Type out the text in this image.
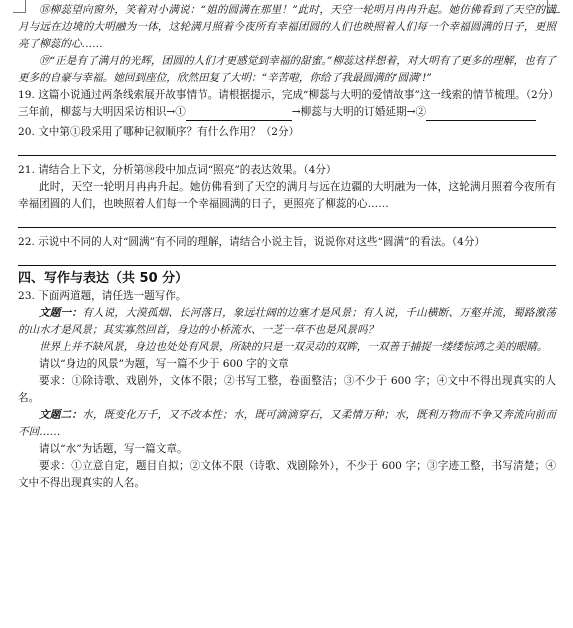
⑱柳蕊望向窗外，笑着对小满说：“姐的圆满在那里！”此时，天空一轮明月冉冉升起。她仿佛看到了天空的满月与远在边境的大明融为一体，这轮满月照着今夜所有幸福团圆的人们也映照着人们每一个幸福圆满的日子，更照亮了柳蕊的心……

⑲“正是有了满月的光辉，团圆的人们才更感觉到幸福的甜蜜。”柳蕊这样想着，对大明有了更多的理解，也有了更多的自豪与幸福。她回到座位，欣然田复了大明：“辛苦啦，你给了我最圆满的‘圆满’!”

19. 这篇小说通过两条线索展开故事情节。请根据提示，完成“柳蕊与大明的爱情故事”这一线索的情节梳理。（2分）

三年前，柳蕊与大明因采访相识→①	→柳蕊与大明的订婚延期→②

20. 文中第①段采用了哪种记叙顺序？有什么作用？（2分）

21. 请结合上下文，分析第⑱段中加点词“照亮”的表达效果。（4分）

此时，天空一轮明月冉冉升起。她仿佛看到了天空的满月与远在边疆的大明融为一体，这轮满月照着今夜所有幸福团圆的人们，也映照着人们每一个幸福圆满的日子，更照亮了柳蕊的心……

22. 示说中不同的人对“圆满”有不同的理解，请结合小说主旨，说说你对这些“圆满”的看法。（4分）

四、写作与表达（共 50 分）

23. 下面两道题，请任选一题写作。

文题一：有人说，大漠孤烟、长河落日，象远壮阔的边塞才是风景；有人说，千山横断、万壑并流，蜀路激荡的山水才是风景；其实寡然回首，身边的小桥流水、一芝一草不也是风景吗？

世界上并不缺风景，身边也处处有风景，所缺的只是一双灵动的双眸，一双善于捕捉一缕缕惊鸿之美的眼睛。

请以“身边的风景”为题，写一篇不少于 600 字的文章

要求：①除诗歌、戏剧外，文体不限；②书写工整，卷面整洁；③不少于 600 字；④文中不得出现真实的人名。

文题二：水，既变化万千，又不改本性；水，既可滴滴穿石，又柔情万种；水，既利万物而不争又奔流向前而不回……

请以“水”为话题，写一篇文章。

要求：①立意自定，题目自拟；②文体不限（诗歌、戏剧除外），不少于 600 字；③字迹工整，书写清楚；④文中不得出现真实的人名。
